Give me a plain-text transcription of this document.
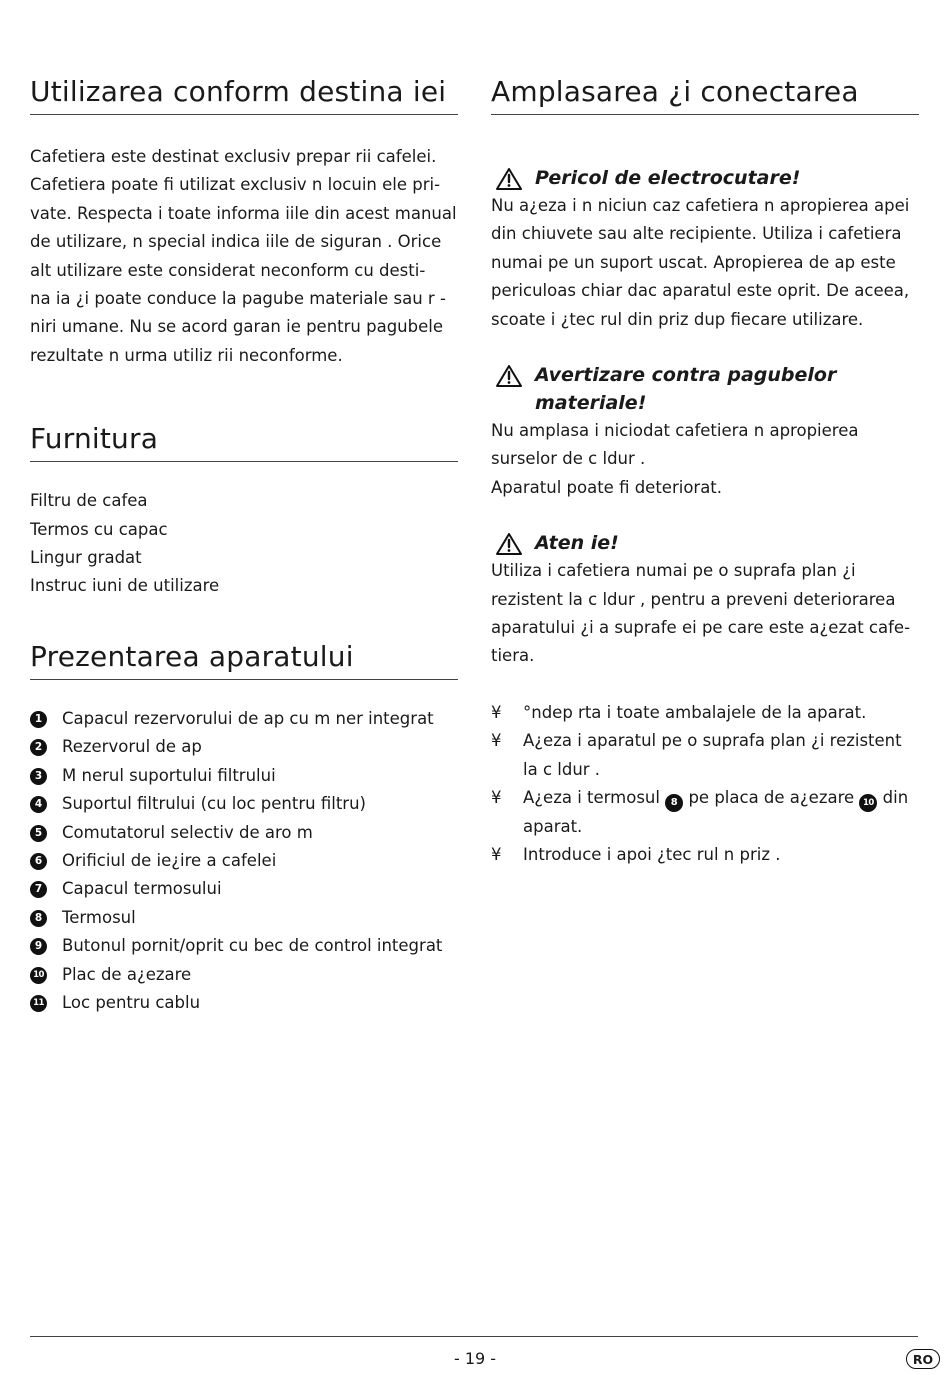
Utilizarea conform destina iei

Cafetiera este destinat exclusiv prepar rii cafelei.

Cafetiera poate fi utilizat exclusiv n locuin ele pri-

vate. Respecta i toate informa iile din acest manual

de utilizare, n special indica iile de siguran . Orice

alt utilizare este considerat neconform cu desti-

na ia ¿i poate conduce la pagube materiale sau r -

niri umane. Nu se acord garan ie pentru pagubele

rezultate n urma utiliz rii neconforme.

Furnitura
Filtru de cafea
Termos cu capac
Lingur gradat
Instruc iuni de utilizare
Prezentarea aparatului
1 Capacul rezervorului de ap cu m ner integrat
2 Rezervorul de ap
3 M nerul suportului filtrului
4 Suportul filtrului (cu loc pentru filtru)
5 Comutatorul selectiv de aro m
6 Orificiul de ie¿ire a cafelei
7 Capacul termosului
8 Termosul
9 Butonul pornit/oprit cu bec de control integrat
10 Plac de a¿ezare
11 Loc pentru cablu
Amplasarea ¿i conectarea
Pericol de electrocutare!

Nu a¿eza i n niciun caz cafetiera n apropierea apei

din chiuvete sau alte recipiente. Utiliza i cafetiera

numai pe un suport uscat. Apropierea de ap este

periculoas chiar dac aparatul este oprit. De aceea,

scoate i ¿tec rul din priz dup fiecare utilizare.

Avertizare contra pagubelor
materiale!

Nu amplasa i niciodat cafetiera n apropierea

surselor de c ldur .

Aparatul poate fi deteriorat.

Aten ie!

Utiliza i cafetiera numai pe o suprafa plan ¿i

rezistent la c ldur , pentru a preveni deteriorarea

aparatului ¿i a suprafe ei pe care este a¿ezat cafe-

tiera.

¥ °ndep rta i toate ambalajele de la aparat.
¥ A¿eza i aparatul pe o suprafa plan ¿i rezistent
la c ldur .
¥ A¿eza i termosul 8 pe placa de a¿ezare 10 din
aparat.
¥ Introduce i apoi ¿tec rul n priz .
- 19 -	RO
